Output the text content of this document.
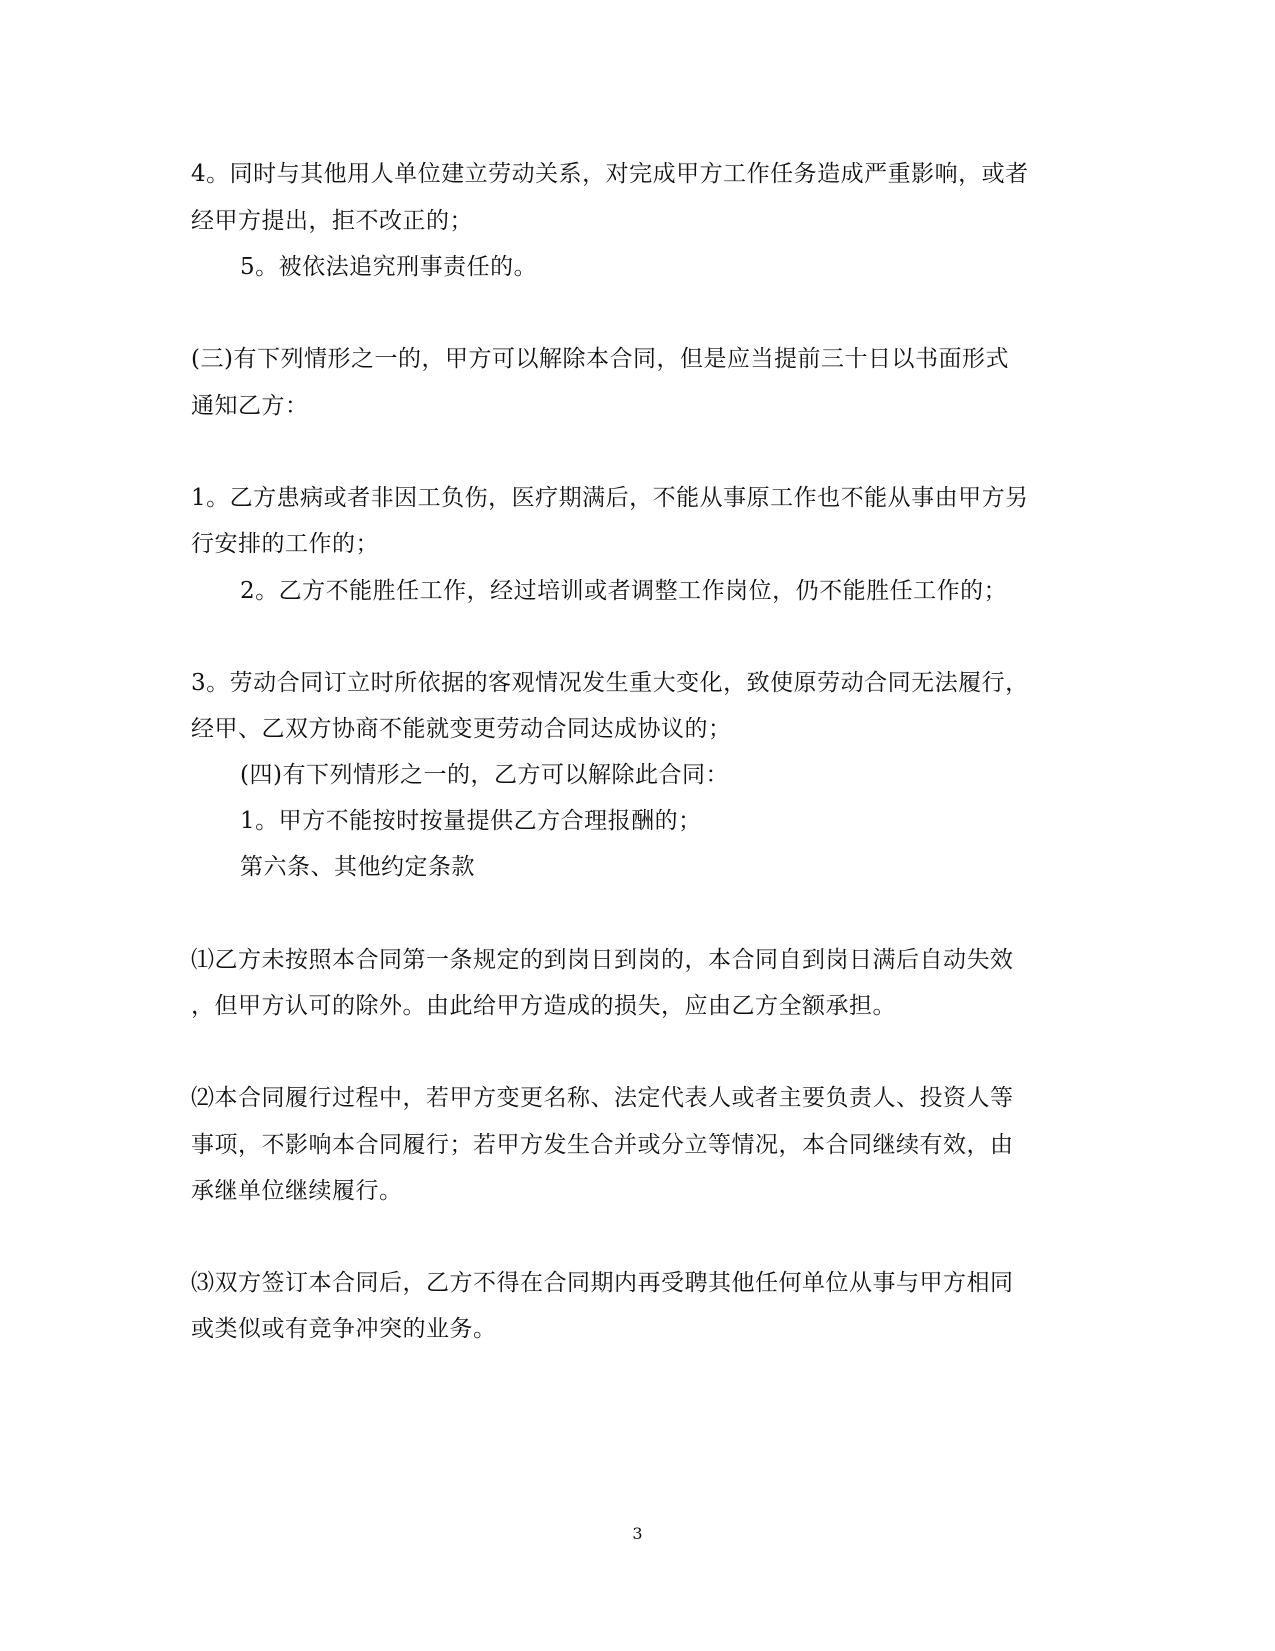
4。同时与其他用人单位建立劳动关系，对完成甲方工作任务造成严重影响，或者
经甲方提出，拒不改正的；
5。被依法追究刑事责任的。
(三)有下列情形之一的，甲方可以解除本合同，但是应当提前三十日以书面形式
通知乙方：
1。乙方患病或者非因工负伤，医疗期满后，不能从事原工作也不能从事由甲方另
行安排的工作的；
2。乙方不能胜任工作，经过培训或者调整工作岗位，仍不能胜任工作的；
3。劳动合同订立时所依据的客观情况发生重大变化，致使原劳动合同无法履行，
经甲、乙双方协商不能就变更劳动合同达成协议的；
(四)有下列情形之一的，乙方可以解除此合同：
1。甲方不能按时按量提供乙方合理报酬的；
第六条、其他约定条款
⑴乙方未按照本合同第一条规定的到岗日到岗的，本合同自到岗日满后自动失效
，但甲方认可的除外。由此给甲方造成的损失，应由乙方全额承担。
⑵本合同履行过程中，若甲方变更名称、法定代表人或者主要负责人、投资人等
事项，不影响本合同履行；若甲方发生合并或分立等情况，本合同继续有效，由
承继单位继续履行。
⑶双方签订本合同后，乙方不得在合同期内再受聘其他任何单位从事与甲方相同
或类似或有竞争冲突的业务。
3
